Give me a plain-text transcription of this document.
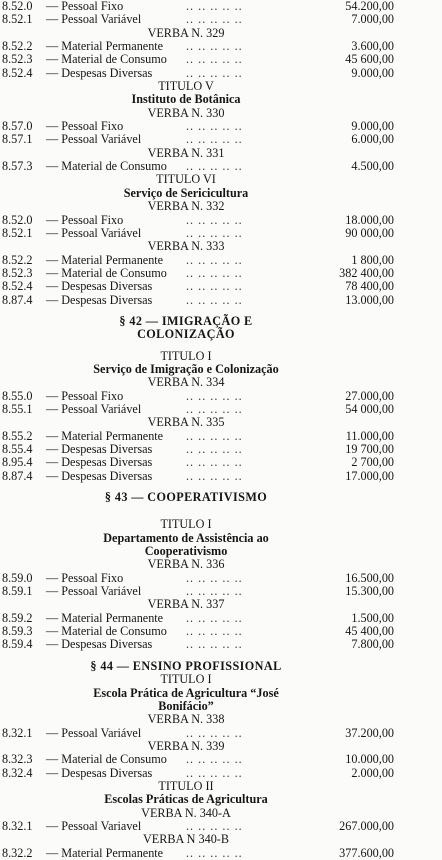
8.52.0 — Pessoal Fixo	.. .. .. .. ..	54.200,00
8.52.1 — Pessoal Variável	.. .. .. .. ..	7.000,00
VERBA N. 329
8.52.2 — Material Permanente .. .. .. .. ..	3.600,00
8.52.3 — Material de Consumo .. .. .. .. ..	45 600,00
8.52.4 — Despesas Diversas	.. .. .. .. ..	9.000,00
TITULO V
Instituto de Botânica
VERBA N. 330
8.57.0 — Pessoal Fixo	.. .. .. .. ..	9.000,00
8.57.1 — Pessoal Variável	.. .. .. .. ..	6.000,00
VERBA N. 331
8.57.3 — Material de Consumo .. .. .. .. ..	4.500,00
TITULO VI
Serviço de Sericicultura
VERBA N. 332
8.52.0 — Pessoal Fixo	.. .. .. .. ..	18.000,00
8.52.1 — Pessoal Variável	.. .. .. .. ..	90 000,00
VERBA N. 333
8.52.2 — Material Permanente .. .. .. .. ..	1 800,00
8.52.3 — Material de Consumo .. .. .. .. ..	382 400,00
8.52.4 — Despesas Diversas	.. .. .. .. ..	78 400,00
8.87.4 — Despesas Diversas	.. .. .. .. ..	13.000,00
§ 42 — IMIGRAÇÃO E
COLONIZAÇÃO
TITULO I
Serviço de Imigração e Colonização
VERBA N. 334
8.55.0 — Pessoal Fixo	.. .. .. .. ..	27.000,00
8.55.1 — Pessoal Variável	.. .. .. .. ..	54 000,00
VERBA N. 335
8.55.2 — Material Permanente .. .. .. .. ..	11.000,00
8.55.4 — Despesas Diversas	.. .. .. .. ..	19 700,00
8.95.4 — Despesas Diversas	.. .. .. .. ..	2 700,00
8.87.4 — Despesas Diversas	.. .. .. .. ..	17.000,00
§ 43 — COOPERATIVISMO
TITULO I
Departamento de Assistência ao
Cooperativismo
VERBA N. 336
8.59.0 — Pessoal Fixo	.. .. .. .. ..	16.500,00
8.59.1 — Pessoal Variável	.. .. .. .. ..	15.300,00
VERBA N. 337
8.59.2 — Material Permanente .. .. .. .. ..	1.500,00
8.59.3 — Material de Consumo .. .. .. .. ..	45 400,00
8.59.4 — Despesas Diversas	.. .. .. .. ..	7.800,00
§ 44 — ENSINO PROFISSIONAL
TITULO I
Escola Prática de Agricultura “José
Bonifácio”
VERBA N. 338
8.32.1 — Pessoal Variável	.. .. .. .. ..	37.200,00
VERBA N. 339
8.32.3 — Material de Consumo .. .. .. .. ..	10.000,00
8.32.4 — Despesas Diversas	.. .. .. .. ..	2.000,00
TITULO II
Escolas Práticas de Agricultura
VERBA N. 340-A
8.32.1 — Pessoal Variavel	.. .. .. .. ..	267.000,00
VERBA N 340-B
8.32.2 — Material Permanente .. .. .. .. ..	377.600,00
